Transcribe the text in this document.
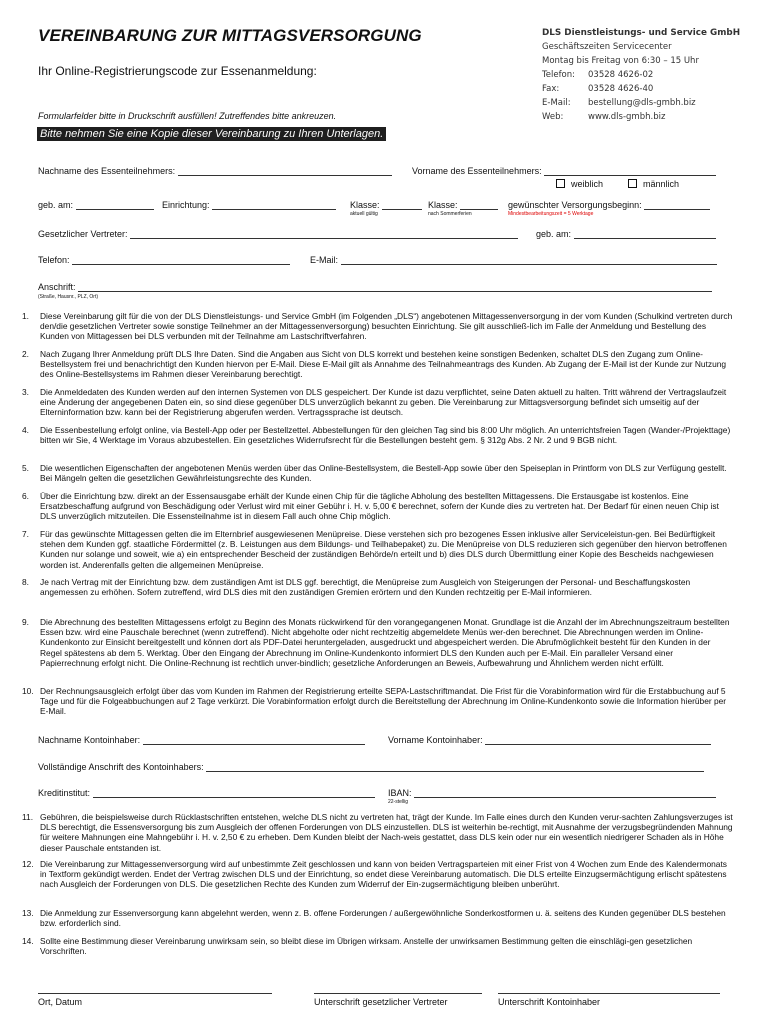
VEREINBARUNG ZUR MITTAGSVERSORGUNG
Ihr Online-Registrierungscode zur Essenanmeldung:
Formularfelder bitte in Druckschrift ausfüllen! Zutreffendes bitte ankreuzen.
Bitte nehmen Sie eine Kopie dieser Vereinbarung zu Ihren Unterlagen.
DLS Dienstleistungs- und Service GmbH
Geschäftszeiten Servicecenter
Montag bis Freitag von 6:30 – 15 Uhr
Telefon: 03528 4626-02
Fax:	03528 4626-40
E-Mail: bestellung@dls-gmbh.biz
Web:	www.dls-gmbh.biz
Nachname des Essenteilnehmers:	Vorname des Essenteilnehmers:
weiblich	männlich
geb. am:	Einrichtung:	Klasse:
aktuell gültig
Klasse:
nach Sommerferien
gewünschter Versorgungsbeginn:
Mindestbearbeitungszeit = 5 Werktage
Gesetzlicher Vertreter:	geb. am:
Telefon:	E-Mail:
Anschrift:
(Straße, Hausnr., PLZ, Ort)
1.	Diese Vereinbarung gilt für die von der DLS Dienstleistungs- und Service GmbH (im Folgenden „DLS“) angebotenen Mittagessenversorgung in der vom Kunden (Schulkind vertreten durch den/die gesetzlichen Vertreter sowie sonstige Teilnehmer an der Mittagessenversorgung) besuchten Einrichtung. Sie gilt ausschließ-lich im Falle der Anmeldung und Bestellung des Kunden von Mittagessen bei DLS verbunden mit der Teilnahme am Lastschriftverfahren.
2.	Nach Zugang Ihrer Anmeldung prüft DLS Ihre Daten. Sind die Angaben aus Sicht von DLS korrekt und bestehen keine sonstigen Bedenken, schaltet DLS den Zugang zum Online-Bestellsystem frei und benachrichtigt den Kunden hiervon per E-Mail. Diese E-Mail gilt als Annahme des Teilnahmeantrags des Kunden. Ab Zugang der E-Mail ist der Kunde zur Nutzung des Online-Bestellsystems im Rahmen dieser Vereinbarung berechtigt.
3.	Die Anmeldedaten des Kunden werden auf den internen Systemen von DLS gespeichert. Der Kunde ist dazu verpflichtet, seine Daten aktuell zu halten. Tritt während der Vertragslaufzeit eine Änderung der angegebenen Daten ein, so sind diese gegenüber DLS unverzüglich bekannt zu geben. Die Vereinbarung zur Mittagsversorgung befindet sich umseitig auf der Elterninformation bzw. kann bei der Registrierung abgerufen werden. Vertragssprache ist deutsch.
4.	Die Essenbestellung erfolgt online, via Bestell-App oder per Bestellzettel. Abbestellungen für den gleichen Tag sind bis 8:00 Uhr möglich. An unterrichtsfreien Tagen (Wander-/Projekttage) bitten wir Sie, 4 Werktage im Voraus abzubestellen. Ein gesetzliches Widerrufsrecht für die Bestellungen besteht gem. § 312g Abs. 2 Nr. 2 und 9 BGB nicht.
5.	Die wesentlichen Eigenschaften der angebotenen Menüs werden über das Online-Bestellsystem, die Bestell-App sowie über den Speiseplan in Printform von DLS zur Verfügung gestellt. Bei Mängeln gelten die gesetzlichen Gewährleistungsrechte des Kunden.
6.	Über die Einrichtung bzw. direkt an der Essensausgabe erhält der Kunde einen Chip für die tägliche Abholung des bestellten Mittagessens. Die Erstausgabe ist kostenlos. Eine Ersatzbeschaffung aufgrund von Beschädigung oder Verlust wird mit einer Gebühr i. H. v. 5,00 € berechnet, sofern der Kunde dies zu vertreten hat. Der Bedarf für einen neuen Chip ist DLS unverzüglich mitzuteilen. Die Essensteilnahme ist in diesem Fall auch ohne Chip möglich.
7.	Für das gewünschte Mittagessen gelten die im Elternbrief ausgewiesenen Menüpreise. Diese verstehen sich pro bezogenes Essen inklusive aller Serviceleistun-gen. Bei Bedürftigkeit stehen dem Kunden ggf. staatliche Fördermittel (z. B. Leistungen aus dem Bildungs- und Teilhabepaket) zu. Die Menüpreise von DLS reduzieren sich gegenüber den hiervon betroffenen Kunden nur solange und soweit, wie a) ein entsprechender Bescheid der zuständigen Behörde/n erteilt und b) dies DLS durch Übermittlung einer Kopie des Bescheids nachgewiesen worden ist. Anderenfalls gelten die allgemeinen Menüpreise.
8.	Je nach Vertrag mit der Einrichtung bzw. dem zuständigen Amt ist DLS ggf. berechtigt, die Menüpreise zum Ausgleich von Steigerungen der Personal- und Beschaffungskosten angemessen zu erhöhen. Sofern zutreffend, wird DLS dies mit den zuständigen Gremien erörtern und den Kunden rechtzeitig per E-Mail informieren.
9.	Die Abrechnung des bestellten Mittagessens erfolgt zu Beginn des Monats rückwirkend für den vorangegangenen Monat. Grundlage ist die Anzahl der im Abrechnungszeitraum bestellten Essen bzw. wird eine Pauschale berechnet (wenn zutreffend). Nicht abgeholte oder nicht rechtzeitig abgemeldete Menüs wer-den berechnet. Die Abrechnungen werden im Online-Kundenkonto zur Einsicht bereitgestellt und können dort als PDF-Datei heruntergeladen, ausgedruckt und abgespeichert werden. Die Abrufmöglichkeit besteht für den Kunden in der Regel spätestens ab dem 5. Werktag. Über den Eingang der Abrechnung im Online-Kundenkonto informiert DLS den Kunden auch per E-Mail. Ein paralleler Versand einer Papierrechnung erfolgt nicht. Die Online-Rechnung ist rechtlich unver-bindlich; gesetzliche Anforderungen an Beweis, Aufbewahrung und Ähnlichem werden nicht erfüllt.
10. Der Rechnungsausgleich erfolgt über das vom Kunden im Rahmen der Registrierung erteilte SEPA-Lastschriftmandat. Die Frist für die Vorabinformation wird für die Erstabbuchung auf 5 Tage und für die Folgeabbuchungen auf 2 Tage verkürzt. Die Vorabinformation erfolgt durch die Bereitstellung der Abrechnung im Online-Kundenkonto sowie die Information hierüber per E-Mail.
Nachname Kontoinhaber:	Vorname Kontoinhaber:
Vollständige Anschrift des Kontoinhabers:
Kreditinstitut:	IBAN:
22-stellig
11. Gebühren, die beispielsweise durch Rücklastschriften entstehen, welche DLS nicht zu vertreten hat, trägt der Kunde. Im Falle eines durch den Kunden verur-sachten Zahlungsverzuges ist DLS berechtigt, die Essensversorgung bis zum Ausgleich der offenen Forderungen von DLS einzustellen. DLS ist weiterhin be-rechtigt, mit Ausnahme der verzugsbegründenden Mahnung für weitere Mahnungen eine Mahngebühr i. H. v. 2,50 € zu erheben. Dem Kunden bleibt der Nach-weis gestattet, dass DLS kein oder nur ein wesentlich niedrigerer Schaden als in Höhe dieser Pauschale entstanden ist.
12. Die Vereinbarung zur Mittagessenversorgung wird auf unbestimmte Zeit geschlossen und kann von beiden Vertragsparteien mit einer Frist von 4 Wochen zum Ende des Kalendermonats in Textform gekündigt werden. Endet der Vertrag zwischen DLS und der Einrichtung, so endet diese Vereinbarung automatisch. Die DLS erteilte Einzugsermächtigung erlischt spätestens nach Ausgleich der Forderungen von DLS. Die gesetzlichen Rechte des Kunden zum Widerruf der Ein-zugsermächtigung bleiben unberührt.
13. Die Anmeldung zur Essenversorgung kann abgelehnt werden, wenn z. B. offene Forderungen / außergewöhnliche Sonderkostformen u. ä. seitens des Kunden gegenüber DLS bestehen bzw. erforderlich sind.
14. Sollte eine Bestimmung dieser Vereinbarung unwirksam sein, so bleibt diese im Übrigen wirksam. Anstelle der unwirksamen Bestimmung gelten die einschlägi-gen gesetzlichen Vorschriften.
Ort, Datum	Unterschrift gesetzlicher Vertreter	Unterschrift Kontoinhaber
